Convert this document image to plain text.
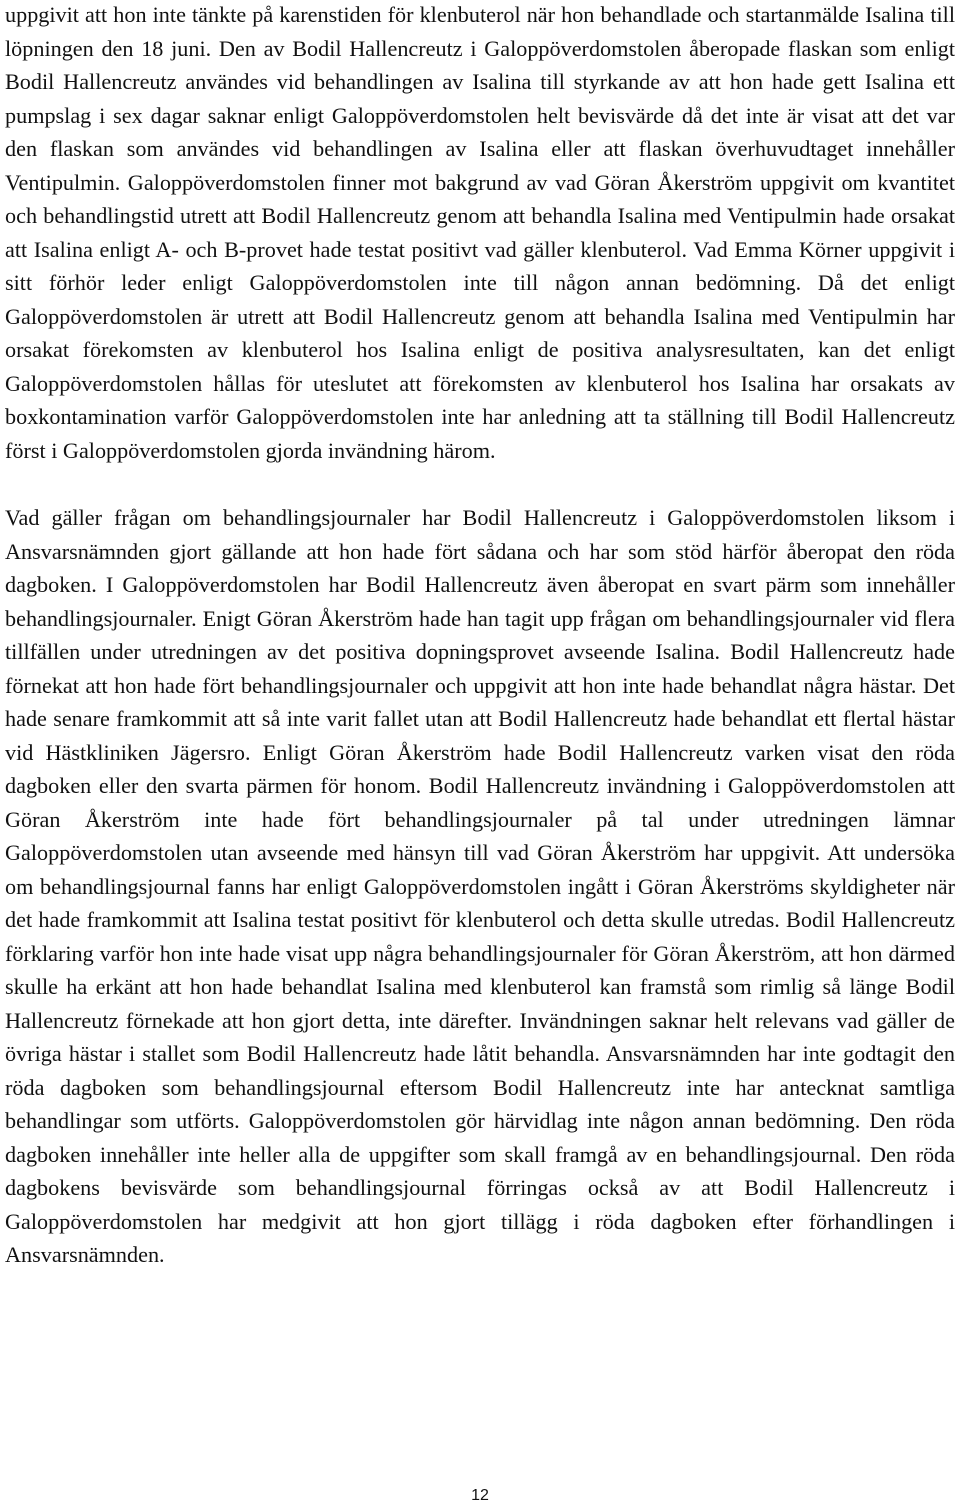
uppgivit att hon inte tänkte på karenstiden för klenbuterol när hon behandlade och startanmälde Isalina till löpningen den 18 juni. Den av Bodil Hallencreutz i Galoppöverdomstolen åberopade flaskan som enligt Bodil Hallencreutz användes vid behandlingen av Isalina till styrkande av att hon hade gett Isalina ett pumpslag i sex dagar saknar enligt Galoppöverdomstolen helt bevisvärde då det inte är visat att det var den flaskan som användes vid behandlingen av Isalina eller att flaskan överhuvudtaget innehåller Ventipulmin. Galoppöverdomstolen finner mot bakgrund av vad Göran Åkerström uppgivit om kvantitet och behandlingstid utrett att Bodil Hallencreutz genom att behandla Isalina med Ventipulmin hade orsakat att Isalina enligt A- och B-provet hade testat positivt vad gäller klenbuterol. Vad Emma Körner uppgivit i sitt förhör leder enligt Galoppöverdomstolen inte till någon annan bedömning. Då det enligt Galoppöverdomstolen är utrett att Bodil Hallencreutz genom att behandla Isalina med Ventipulmin har orsakat förekomsten av klenbuterol hos Isalina enligt de positiva analysresultaten, kan det enligt Galoppöverdomstolen hållas för uteslutet att förekomsten av klenbuterol hos Isalina har orsakats av boxkontamination varför Galoppöverdomstolen inte har anledning att ta ställning till Bodil Hallencreutz först i Galoppöverdomstolen gjorda invändning härom.

Vad gäller frågan om behandlingsjournaler har Bodil Hallencreutz i Galoppöverdomstolen liksom i Ansvarsnämnden gjort gällande att hon hade fört sådana och har som stöd härför åberopat den röda dagboken. I Galoppöverdomstolen har Bodil Hallencreutz även åberopat en svart pärm som innehåller behandlingsjournaler. Enigt Göran Åkerström hade han tagit upp frågan om behandlingsjournaler vid flera tillfällen under utredningen av det positiva dopningsprovet avseende Isalina. Bodil Hallencreutz hade förnekat att hon hade fört behandlingsjournaler och uppgivit att hon inte hade behandlat några hästar. Det hade senare framkommit att så inte varit fallet utan att Bodil Hallencreutz hade behandlat ett flertal hästar vid Hästkliniken Jägersro. Enligt Göran Åkerström hade Bodil Hallencreutz varken visat den röda dagboken eller den svarta pärmen för honom. Bodil Hallencreutz invändning i Galoppöverdomstolen att Göran Åkerström inte hade fört behandlingsjournaler på tal under utredningen lämnar Galoppöverdomstolen utan avseende med hänsyn till vad Göran Åkerström har uppgivit. Att undersöka om behandlingsjournal fanns har enligt Galoppöverdomstolen ingått i Göran Åkerströms skyldigheter när det hade framkommit att Isalina testat positivt för klenbuterol och detta skulle utredas. Bodil Hallencreutz förklaring varför hon inte hade visat upp några behandlingsjournaler för Göran Åkerström, att hon därmed skulle ha erkänt att hon hade behandlat Isalina med klenbuterol kan framstå som rimlig så länge Bodil Hallencreutz förnekade att hon gjort detta, inte därefter. Invändningen saknar helt relevans vad gäller de övriga hästar i stallet som Bodil Hallencreutz hade låtit behandla. Ansvarsnämnden har inte godtagit den röda dagboken som behandlingsjournal eftersom Bodil Hallencreutz inte har antecknat samtliga behandlingar som utförts. Galoppöverdomstolen gör härvidlag inte någon annan bedömning. Den röda dagboken innehåller inte heller alla de uppgifter som skall framgå av en behandlingsjournal. Den röda dagbokens bevisvärde som behandlingsjournal förringas också av att Bodil Hallencreutz i Galoppöverdomstolen har medgivit att hon gjort tillägg i röda dagboken efter förhandlingen i Ansvarsnämnden.

12
